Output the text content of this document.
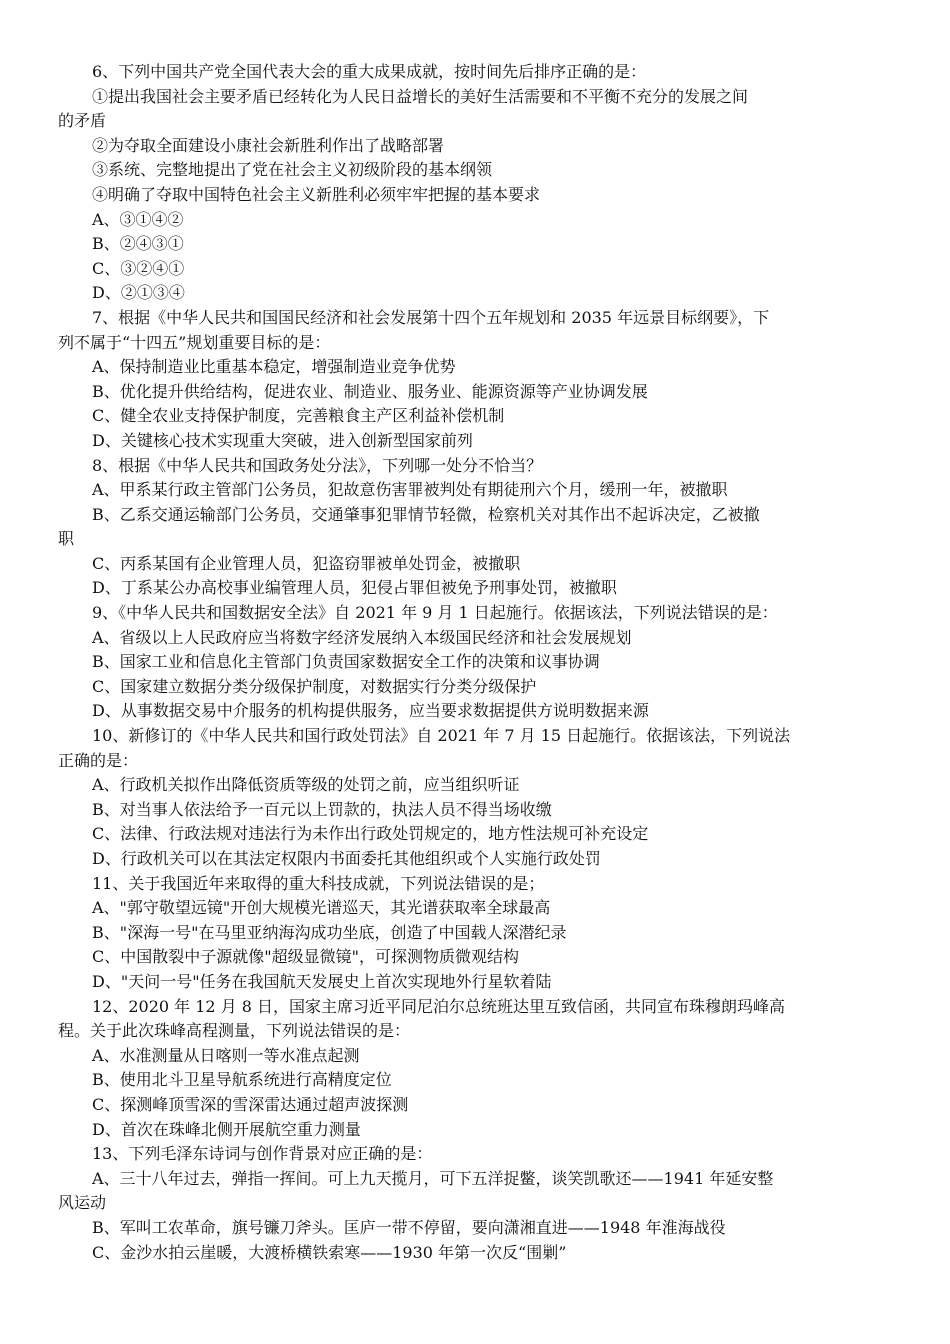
6、下列中国共产党全国代表大会的重大成果成就，按时间先后排序正确的是：
①提出我国社会主要矛盾已经转化为人民日益增长的美好生活需要和不平衡不充分的发展之间
的矛盾
②为夺取全面建设小康社会新胜利作出了战略部署
③系统、完整地提出了党在社会主义初级阶段的基本纲领
④明确了夺取中国特色社会主义新胜利必须牢牢把握的基本要求
A、③①④②
B、②④③①
C、③②④①
D、②①③④
7、根据《中华人民共和国国民经济和社会发展第十四个五年规划和 2035 年远景目标纲要》，下
列不属于“十四五”规划重要目标的是：
A、保持制造业比重基本稳定，增强制造业竞争优势
B、优化提升供给结构，促进农业、制造业、服务业、能源资源等产业协调发展
C、健全农业支持保护制度，完善粮食主产区利益补偿机制
D、关键核心技术实现重大突破，进入创新型国家前列
8、根据《中华人民共和国政务处分法》，下列哪一处分不恰当？
A、甲系某行政主管部门公务员，犯故意伤害罪被判处有期徒刑六个月，缓刑一年，被撤职
B、乙系交通运输部门公务员，交通肇事犯罪情节轻微，检察机关对其作出不起诉决定，乙被撤
职
C、丙系某国有企业管理人员，犯盗窃罪被单处罚金，被撤职
D、丁系某公办高校事业编管理人员，犯侵占罪但被免予刑事处罚，被撤职
9、《中华人民共和国数据安全法》自 2021 年 9 月 1 日起施行。依据该法，下列说法错误的是：
A、省级以上人民政府应当将数字经济发展纳入本级国民经济和社会发展规划
B、国家工业和信息化主管部门负责国家数据安全工作的决策和议事协调
C、国家建立数据分类分级保护制度，对数据实行分类分级保护
D、从事数据交易中介服务的机构提供服务，应当要求数据提供方说明数据来源
10、新修订的《中华人民共和国行政处罚法》自 2021 年 7 月 15 日起施行。依据该法，下列说法
正确的是：
A、行政机关拟作出降低资质等级的处罚之前，应当组织听证
B、对当事人依法给予一百元以上罚款的，执法人员不得当场收缴
C、法律、行政法规对违法行为未作出行政处罚规定的，地方性法规可补充设定
D、行政机关可以在其法定权限内书面委托其他组织或个人实施行政处罚
11、关于我国近年来取得的重大科技成就，下列说法错误的是；
A、"郭守敬望远镜"开创大规模光谱巡天，其光谱获取率全球最高
B、"深海一号"在马里亚纳海沟成功坐底，创造了中国载人深潜纪录
C、中国散裂中子源就像"超级显微镜"，可探测物质微观结构
D、"天问一号"任务在我国航天发展史上首次实现地外行星软着陆
12、2020 年 12 月 8 日，国家主席习近平同尼泊尔总统班达里互致信函，共同宣布珠穆朗玛峰高
程。关于此次珠峰高程测量，下列说法错误的是：
A、水准测量从日喀则一等水准点起测
B、使用北斗卫星导航系统进行高精度定位
C、探测峰顶雪深的雪深雷达通过超声波探测
D、首次在珠峰北侧开展航空重力测量
13、下列毛泽东诗词与创作背景对应正确的是：
A、三十八年过去，弹指一挥间。可上九天揽月，可下五洋捉鳖，谈笑凯歌还——1941 年延安整
风运动
B、军叫工农革命，旗号镰刀斧头。匡庐一带不停留，要向潇湘直进——1948 年淮海战役
C、金沙水拍云崖暖，大渡桥横铁索寒——1930 年第一次反“围剿”
